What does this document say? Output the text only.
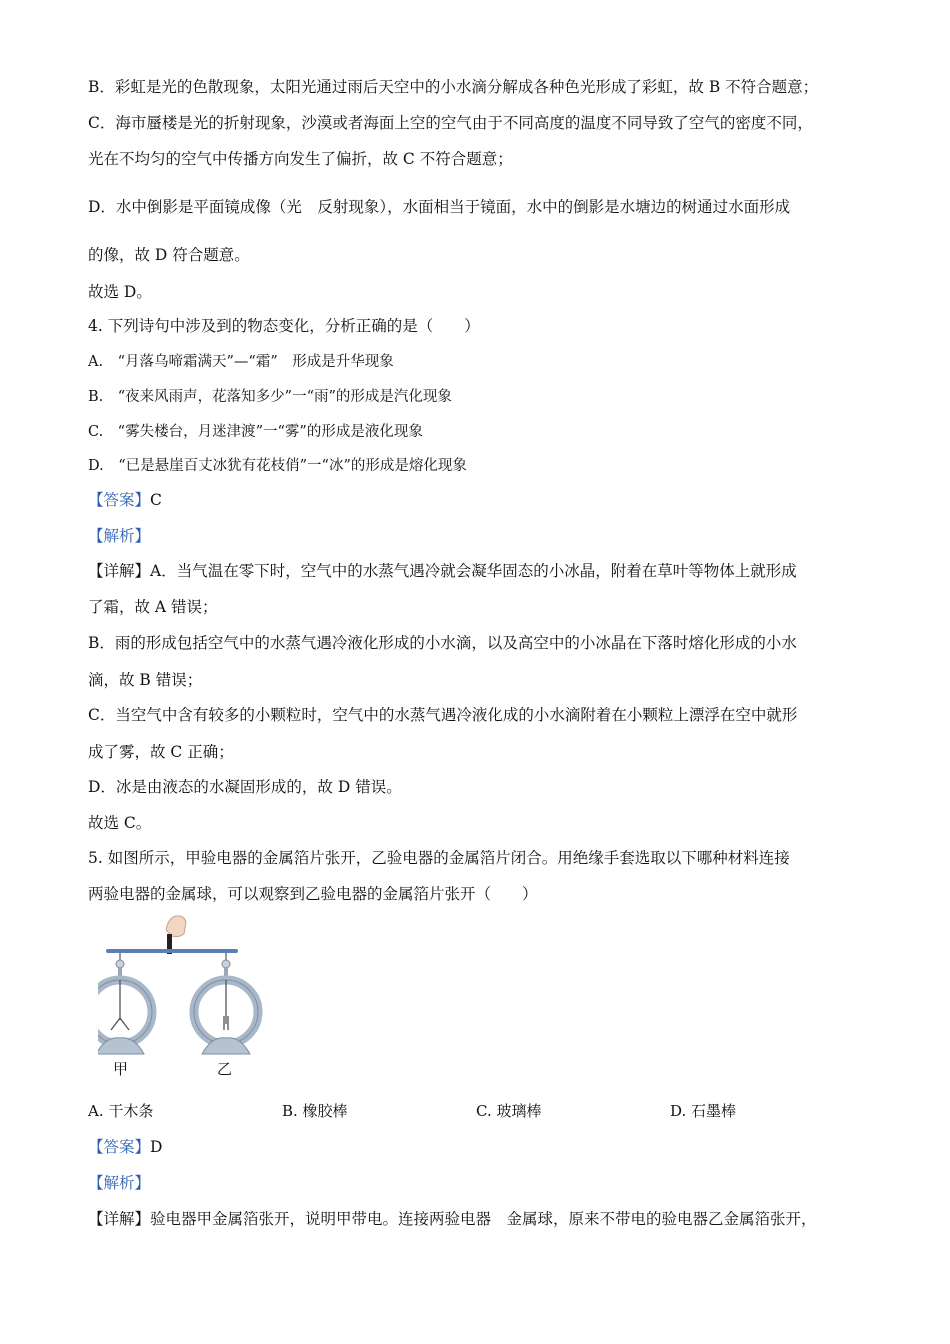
B．彩虹是光的色散现象，太阳光通过雨后天空中的小水滴分解成各种色光形成了彩虹，故 B 不符合题意；
C．海市蜃楼是光的折射现象，沙漠或者海面上空的空气由于不同高度的温度不同导致了空气的密度不同，
光在不均匀的空气中传播方向发生了偏折，故 C 不符合题意；
D．水中倒影是平面镜成像（光　反射现象），水面相当于镜面，水中的倒影是水塘边的树通过水面形成
的像，故 D 符合题意。
故选 D。
4. 下列诗句中涉及到的物态变化，分析正确的是（　　）
A.　“月落乌啼霜满天”—“霜”　形成是升华现象
B.　“夜来风雨声，花落知多少”一“雨”的形成是汽化现象
C.　“雾失楼台，月迷津渡”一“雾”的形成是液化现象
D.　“已是悬崖百丈冰犹有花枝俏”一“冰”的形成是熔化现象
【答案】C
【解析】
【详解】A．当气温在零下时，空气中的水蒸气遇冷就会凝华固态的小冰晶，附着在草叶等物体上就形成
了霜，故 A 错误；
B．雨的形成包括空气中的水蒸气遇冷液化形成的小水滴，以及高空中的小冰晶在下落时熔化形成的小水
滴，故 B 错误；
C．当空气中含有较多的小颗粒时，空气中的水蒸气遇冷液化成的小水滴附着在小颗粒上漂浮在空中就形
成了雾，故 C 正确；
D．冰是由液态的水凝固形成的，故 D 错误。
故选 C。
5. 如图所示，甲验电器的金属箔片张开，乙验电器的金属箔片闭合。用绝缘手套选取以下哪种材料连接
两验电器的金属球，可以观察到乙验电器的金属箔片张开（　　）
甲	乙
A. 干木条	B. 橡胶棒	C. 玻璃棒	D. 石墨棒
【答案】D
【解析】
【详解】验电器甲金属箔张开，说明甲带电。连接两验电器　金属球，原来不带电的验电器乙金属箔张开，
